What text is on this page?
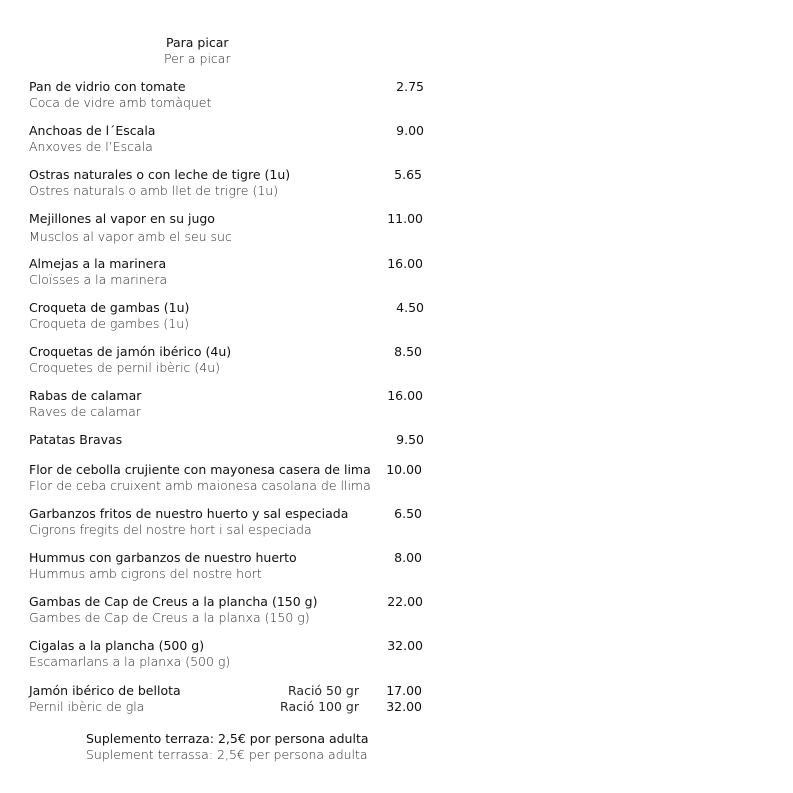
Para picar
Per a picar
Pan de vidrio con tomate
Coca de vidre amb tomàquet
2.75
Anchoas de l´Escala
Anxoves de l’Escala
9.00
Ostras naturales o con leche de tigre (1u)
Ostres naturals o amb llet de trigre (1u)
5.65
Mejillones al vapor en su jugo
Musclos al vapor amb el seu suc
11.00
Almejas a la marinera
Cloïsses a la marinera
16.00
Croqueta de gambas (1u)
Croqueta de gambes (1u)
4.50
Croquetas de jamón ibérico (4u)
Croquetes de pernil ibèric (4u)
8.50
Rabas de calamar
Raves de calamar
16.00
Patatas Bravas	9.50
Flor de cebolla crujiente con mayonesa casera de lima
Flor de ceba cruixent amb maionesa casolana de llima
10.00
Garbanzos fritos de nuestro huerto y sal especiada
Cigrons fregits del nostre hort i sal especiada
6.50
Hummus con garbanzos de nuestro huerto
Hummus amb cigrons del nostre hort
8.00
Gambas de Cap de Creus a la plancha (150 g)
Gambes de Cap de Creus a la planxa (150 g)
22.00
Cigalas a la plancha (500 g)
Escamarlans a la planxa (500 g)
32.00
Jamón ibérico de bellota
Pernil ibèric de gla
Ració 50 gr
Ració 100 gr
17.00
32.00
Suplemento terraza: 2,5€ por persona adulta
Suplement terrassa: 2,5€ per persona adulta
